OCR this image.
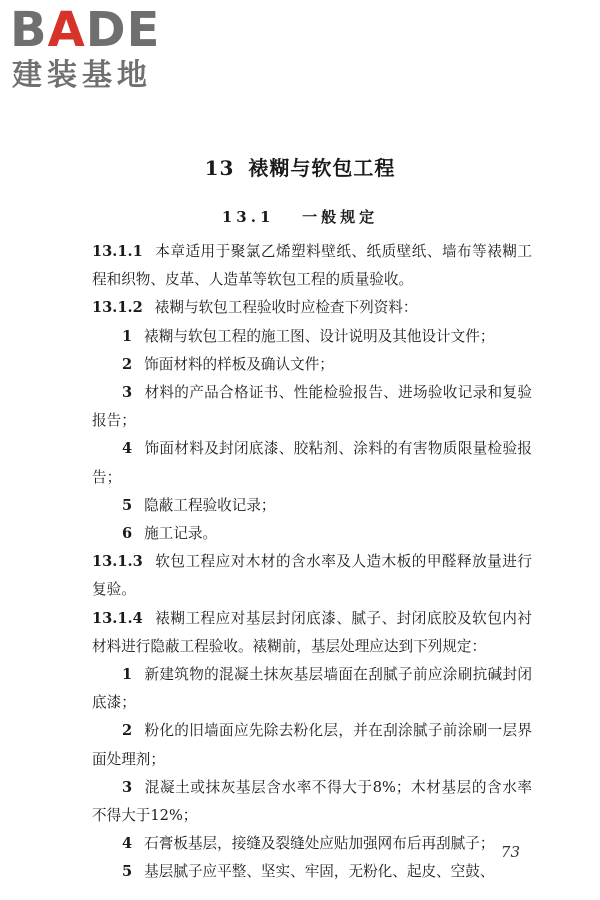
BADE
建装基地
13 裱糊与软包工程
13.1 一般规定

13.1.1 本章适用于聚氯乙烯塑料壁纸、纸质壁纸、墙布等裱糊工程和织物、皮革、人造革等软包工程的质量验收。

13.1.2 裱糊与软包工程验收时应检查下列资料：

1 裱糊与软包工程的施工图、设计说明及其他设计文件；

2 饰面材料的样板及确认文件；

3 材料的产品合格证书、性能检验报告、进场验收记录和复验报告；

4 饰面材料及封闭底漆、胶粘剂、涂料的有害物质限量检验报告；

5 隐蔽工程验收记录；

6 施工记录。

13.1.3 软包工程应对木材的含水率及人造木板的甲醛释放量进行复验。

13.1.4 裱糊工程应对基层封闭底漆、腻子、封闭底胶及软包内衬材料进行隐蔽工程验收。裱糊前，基层处理应达到下列规定：

1 新建筑物的混凝土抹灰基层墙面在刮腻子前应涂刷抗碱封闭底漆；

2 粉化的旧墙面应先除去粉化层，并在刮涂腻子前涂刷一层界面处理剂；

3 混凝土或抹灰基层含水率不得大于8%；木材基层的含水率不得大于12%；

4 石膏板基层，接缝及裂缝处应贴加强网布后再刮腻子；

5 基层腻子应平整、坚实、牢固，无粉化、起皮、空鼓、

73
